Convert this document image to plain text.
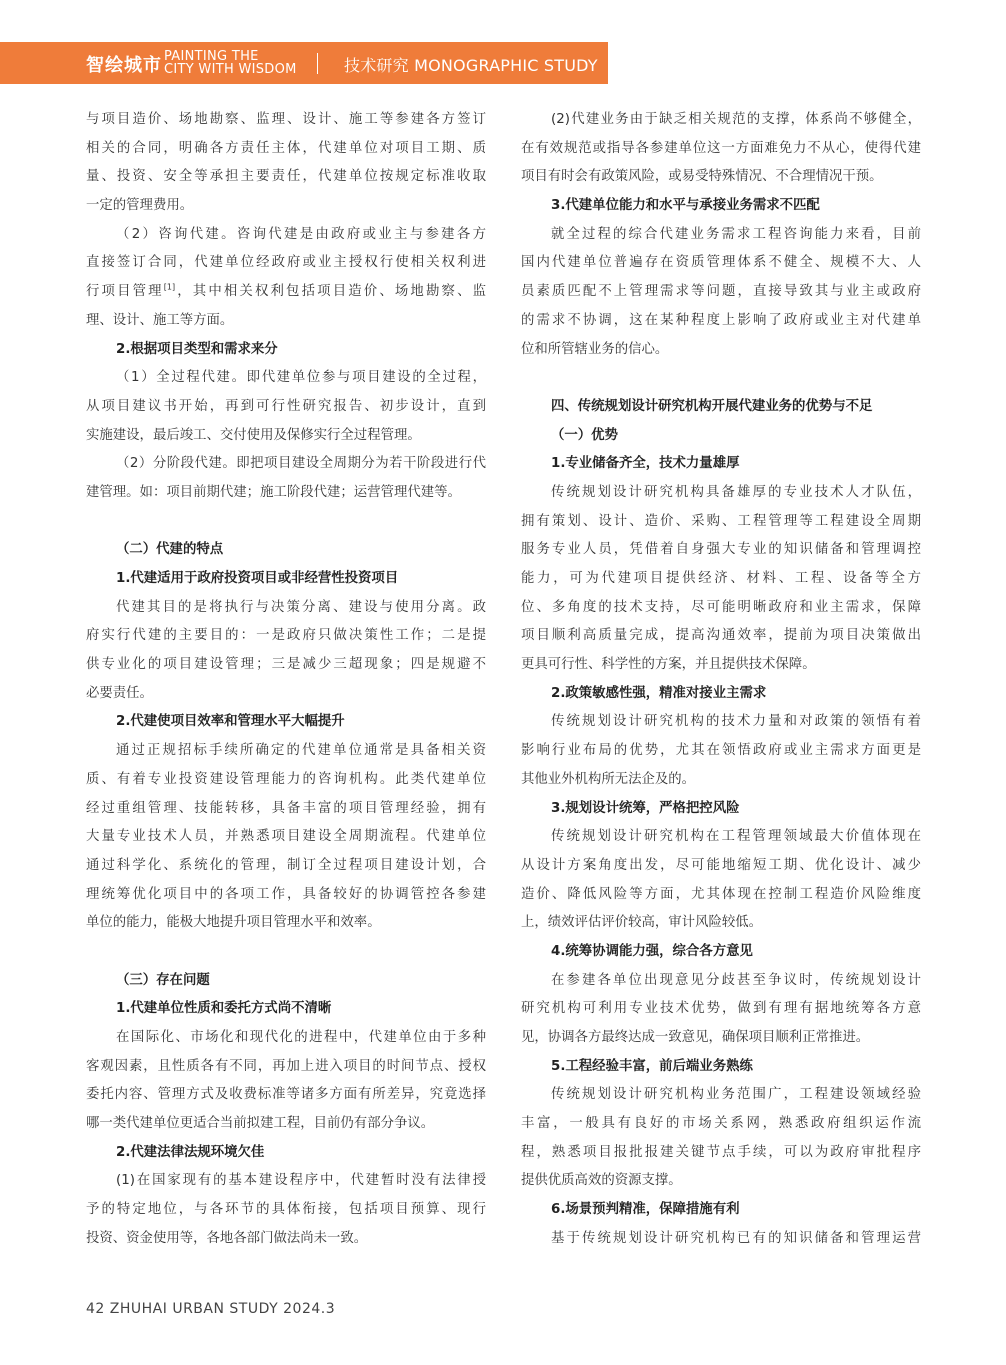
智绘城市 PAINTING THE
CITY WITH WISDOM	技术研究 MONOGRAPHIC STUDY
与项目造价、场地勘察、监理、设计、施工等参建各方签订
相关的合同，明确各方责任主体，代建单位对项目工期、质
量、投资、安全等承担主要责任，代建单位按规定标准收取
一定的管理费用。
（2）咨询代建。咨询代建是由政府或业主与参建各方
直接签订合同，代建单位经政府或业主授权行使相关权利进
行项目管理[1]，其中相关权利包括项目造价、场地勘察、监
理、设计、施工等方面。
2.根据项目类型和需求来分
（1）全过程代建。即代建单位参与项目建设的全过程，
从项目建议书开始，再到可行性研究报告、初步设计，直到
实施建设，最后竣工、交付使用及保修实行全过程管理。
（2）分阶段代建。即把项目建设全周期分为若干阶段进行代
建管理。如：项目前期代建；施工阶段代建；运营管理代建等。
（二）代建的特点
1.代建适用于政府投资项目或非经营性投资项目
代建其目的是将执行与决策分离、建设与使用分离。政
府实行代建的主要目的：一是政府只做决策性工作；二是提
供专业化的项目建设管理；三是减少三超现象；四是规避不
必要责任。
2.代建使项目效率和管理水平大幅提升
通过正规招标手续所确定的代建单位通常是具备相关资
质、有着专业投资建设管理能力的咨询机构。此类代建单位
经过重组管理、技能转移，具备丰富的项目管理经验，拥有
大量专业技术人员，并熟悉项目建设全周期流程。代建单位
通过科学化、系统化的管理，制订全过程项目建设计划，合
理统筹优化项目中的各项工作，具备较好的协调管控各参建
单位的能力，能极大地提升项目管理水平和效率。
（三）存在问题
1.代建单位性质和委托方式尚不清晰
在国际化、市场化和现代化的进程中，代建单位由于多种
客观因素，且性质各有不同，再加上进入项目的时间节点、授权
委托内容、管理方式及收费标准等诸多方面有所差异，究竟选择
哪一类代建单位更适合当前拟建工程，目前仍有部分争议。
2.代建法律法规环境欠佳
(1)在国家现有的基本建设程序中，代建暂时没有法律授
予的特定地位，与各环节的具体衔接，包括项目预算、现行
投资、资金使用等，各地各部门做法尚未一致。
(2)代建业务由于缺乏相关规范的支撑，体系尚不够健全，
在有效规范或指导各参建单位这一方面难免力不从心，使得代建
项目有时会有政策风险，或易受特殊情况、不合理情况干预。
3.代建单位能力和水平与承接业务需求不匹配
就全过程的综合代建业务需求工程咨询能力来看，目前
国内代建单位普遍存在资质管理体系不健全、规模不大、人
员素质匹配不上管理需求等问题，直接导致其与业主或政府
的需求不协调，这在某种程度上影响了政府或业主对代建单
位和所管辖业务的信心。
四、传统规划设计研究机构开展代建业务的优势与不足
（一）优势
1.专业储备齐全，技术力量雄厚
传统规划设计研究机构具备雄厚的专业技术人才队伍，
拥有策划、设计、造价、采购、工程管理等工程建设全周期
服务专业人员，凭借着自身强大专业的知识储备和管理调控
能力，可为代建项目提供经济、材料、工程、设备等全方
位、多角度的技术支持，尽可能明晰政府和业主需求，保障
项目顺利高质量完成，提高沟通效率，提前为项目决策做出
更具可行性、科学性的方案，并且提供技术保障。
2.政策敏感性强，精准对接业主需求
传统规划设计研究机构的技术力量和对政策的领悟有着
影响行业布局的优势，尤其在领悟政府或业主需求方面更是
其他业外机构所无法企及的。
3.规划设计统筹，严格把控风险
传统规划设计研究机构在工程管理领域最大价值体现在
从设计方案角度出发，尽可能地缩短工期、优化设计、减少
造价、降低风险等方面，尤其体现在控制工程造价风险维度
上，绩效评估评价较高，审计风险较低。
4.统筹协调能力强，综合各方意见
在参建各单位出现意见分歧甚至争议时，传统规划设计
研究机构可利用专业技术优势，做到有理有据地统筹各方意
见，协调各方最终达成一致意见，确保项目顺利正常推进。
5.工程经验丰富，前后端业务熟练
传统规划设计研究机构业务范围广，工程建设领域经验
丰富，一般具有良好的市场关系网，熟悉政府组织运作流
程，熟悉项目报批报建关键节点手续，可以为政府审批程序
提供优质高效的资源支撑。
6.场景预判精准，保障措施有利
基于传统规划设计研究机构已有的知识储备和管理运营
42 ZHUHAI URBAN STUDY 2024.3
